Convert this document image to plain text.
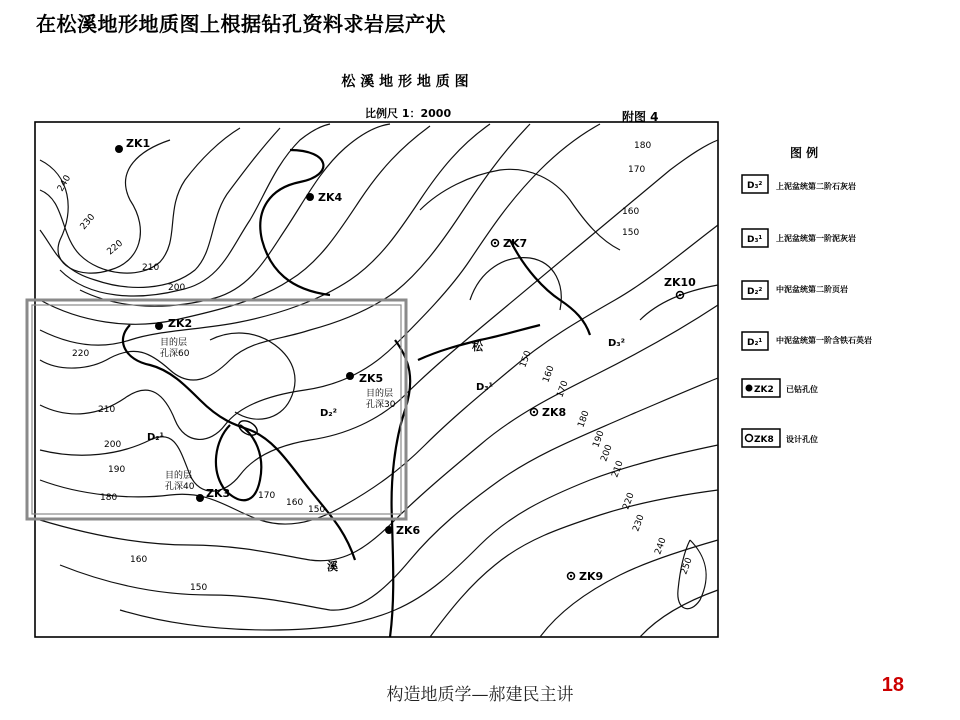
在松溪地形地质图上根据钻孔资料求岩层产状
松 溪 地 形 地 质 图
比例尺 1：2000	附图 4
240
230
220
210
200
180
170
160
150
220
210
200
190
180	170
160
150
160
150
150
160
170
180
190
200
210
220
230
240
250
松
溪
D₃²
D₃¹
D₂²
D₂¹
ZK1
ZK4
ZK7
ZK10
ZK2
目的层
孔深60
ZK5
目的层
孔深30
ZK8
ZK3
目的层
孔深40
ZK6
ZK9
图 例
D₃² 上泥盆统第二阶石灰岩
D₃¹ 上泥盆统第一阶泥灰岩
D₂² 中泥盆统第二阶页岩
D₂¹ 中泥盆统第一阶含铁石英岩
ZK2 已钻孔位
ZK8 设计孔位
构造地质学—郝建民主讲	18
